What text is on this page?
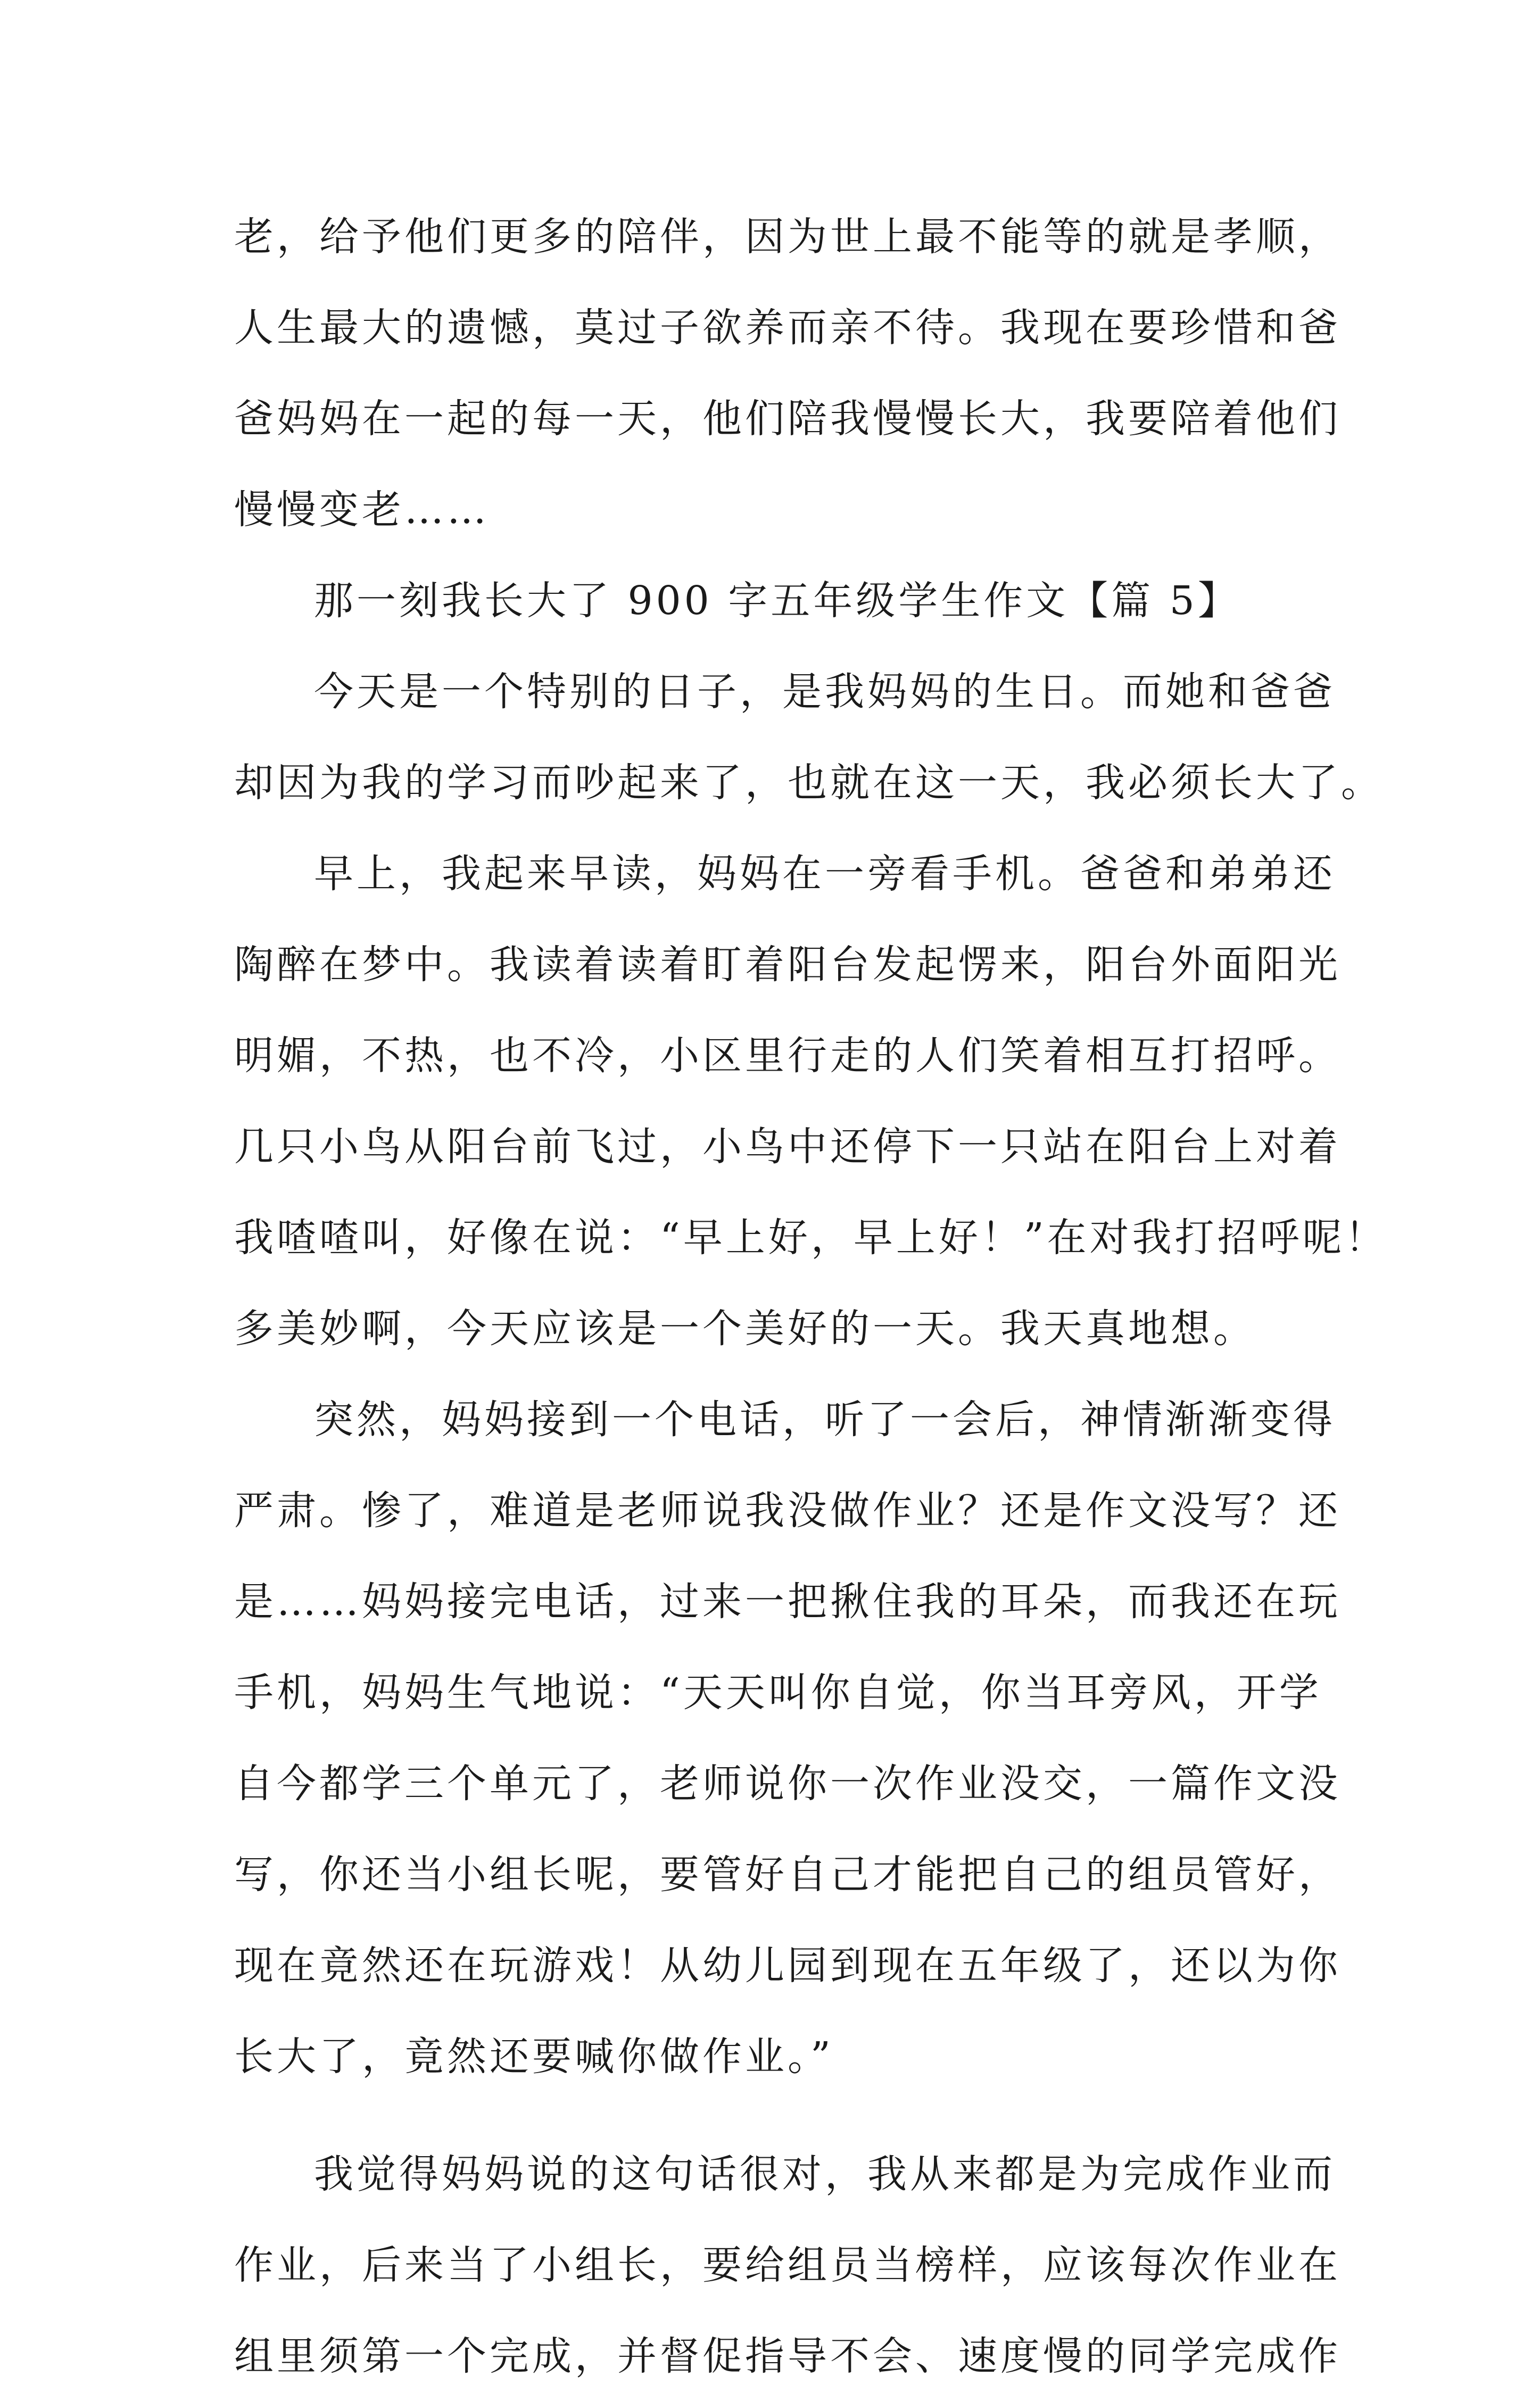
老，给予他们更多的陪伴，因为世上最不能等的就是孝顺，
人生最大的遗憾，莫过子欲养而亲不待。我现在要珍惜和爸
爸妈妈在一起的每一天，他们陪我慢慢长大，我要陪着他们
慢慢变老……
那一刻我长大了 900 字五年级学生作文【篇 5】
今天是一个特别的日子，是我妈妈的生日。而她和爸爸
却因为我的学习而吵起来了，也就在这一天，我必须长大了。
早上，我起来早读，妈妈在一旁看手机。爸爸和弟弟还
陶醉在梦中。我读着读着盯着阳台发起愣来，阳台外面阳光
明媚，不热，也不冷，小区里行走的人们笑着相互打招呼。
几只小鸟从阳台前飞过，小鸟中还停下一只站在阳台上对着
我喳喳叫，好像在说：“早上好，早上好！”在对我打招呼呢！
多美妙啊，今天应该是一个美好的一天。我天真地想。
突然，妈妈接到一个电话，听了一会后，神情渐渐变得
严肃。惨了，难道是老师说我没做作业？还是作文没写？还
是……妈妈接完电话，过来一把揪住我的耳朵，而我还在玩
手机，妈妈生气地说：“天天叫你自觉，你当耳旁风，开学
自今都学三个单元了，老师说你一次作业没交，一篇作文没
写，你还当小组长呢，要管好自己才能把自己的组员管好，
现在竟然还在玩游戏！从幼儿园到现在五年级了，还以为你
长大了，竟然还要喊你做作业。”
我觉得妈妈说的这句话很对，我从来都是为完成作业而
作业，后来当了小组长，要给组员当榜样，应该每次作业在
组里须第一个完成，并督促指导不会、速度慢的同学完成作
